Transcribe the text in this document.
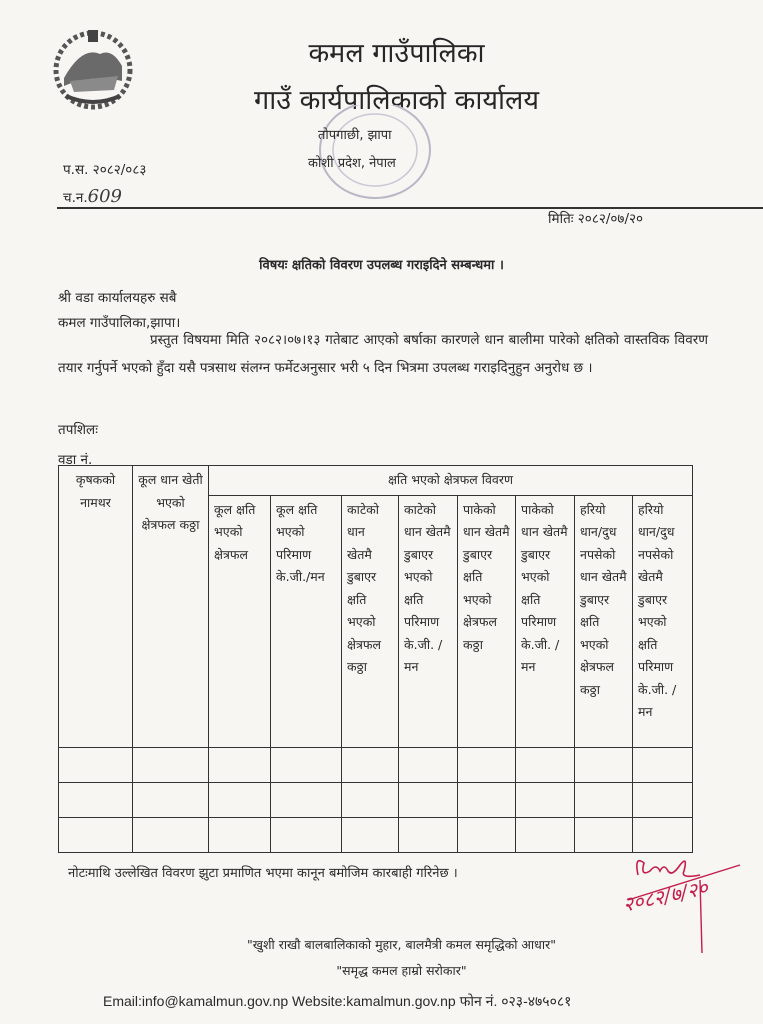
कमल गाउँपालिका
गाउँ कार्यपालिकाको कार्यालय
तोपगाछी, झापा
कोशी प्रदेश, नेपाल
प.स. २०८२/०८३
च.न.609
मितिः २०८२/०७/२०
विषयः क्षतिको विवरण उपलब्ध गराइदिने सम्बन्धमा ।
श्री वडा कार्यालयहरु सबै
कमल गाउँपालिका,झापा।
प्रस्तुत विषयमा मिति २०८२।०७।१३ गतेबाट आएको बर्षाका कारणले धान बालीमा पारेको क्षतिको वास्तविक विवरण तयार गर्नुपर्ने भएको हुँदा यसै पत्रसाथ संलग्न फर्मेटअनुसार भरी ५ दिन भित्रमा उपलब्ध गराइदिनुहुन अनुरोध छ ।
तपशिलः
वडा नं.
कृषकको नामथर	कूल धान खेती भएको क्षेत्रफल कठ्ठा	क्षति भएको क्षेत्रफल विवरण							
		कूल क्षति भएको क्षेत्रफल	कूल क्षति भएको परिमाण के.जी./मन	काटेको धान खेतमै डुबाएर क्षति भएको क्षेत्रफल कठ्ठा	काटेको धान खेतमै डुबाएर भएको क्षति परिमाण के.जी. /मन	पाकेको धान खेतमै डुबाएर क्षति भएको क्षेत्रफल कठ्ठा	पाकेको धान खेतमै डुबाएर भएको क्षति परिमाण के.जी. /मन	हरियो धान/दुध नपसेको धान खेतमै डुबाएर क्षति भएको क्षेत्रफल कठ्ठा	हरियो धान/दुध नपसेको खेतमै डुबाएर भएको क्षति परिमाण के.जी. /मन

नोटःमाथि उल्लेखित विवरण झुटा प्रमाणित भएमा कानून बमोजिम कारबाही गरिनेछ ।
२०८२/७/२०
"खुशी राखौ बालबालिकाको मुहार, बालमैत्री कमल समृद्धिको आधार"
"समृद्ध कमल हाम्रो सरोकार"
Email:info@kamalmun.gov.np Website:kamalmun.gov.np फोन नं. ०२३-४७५०८१
